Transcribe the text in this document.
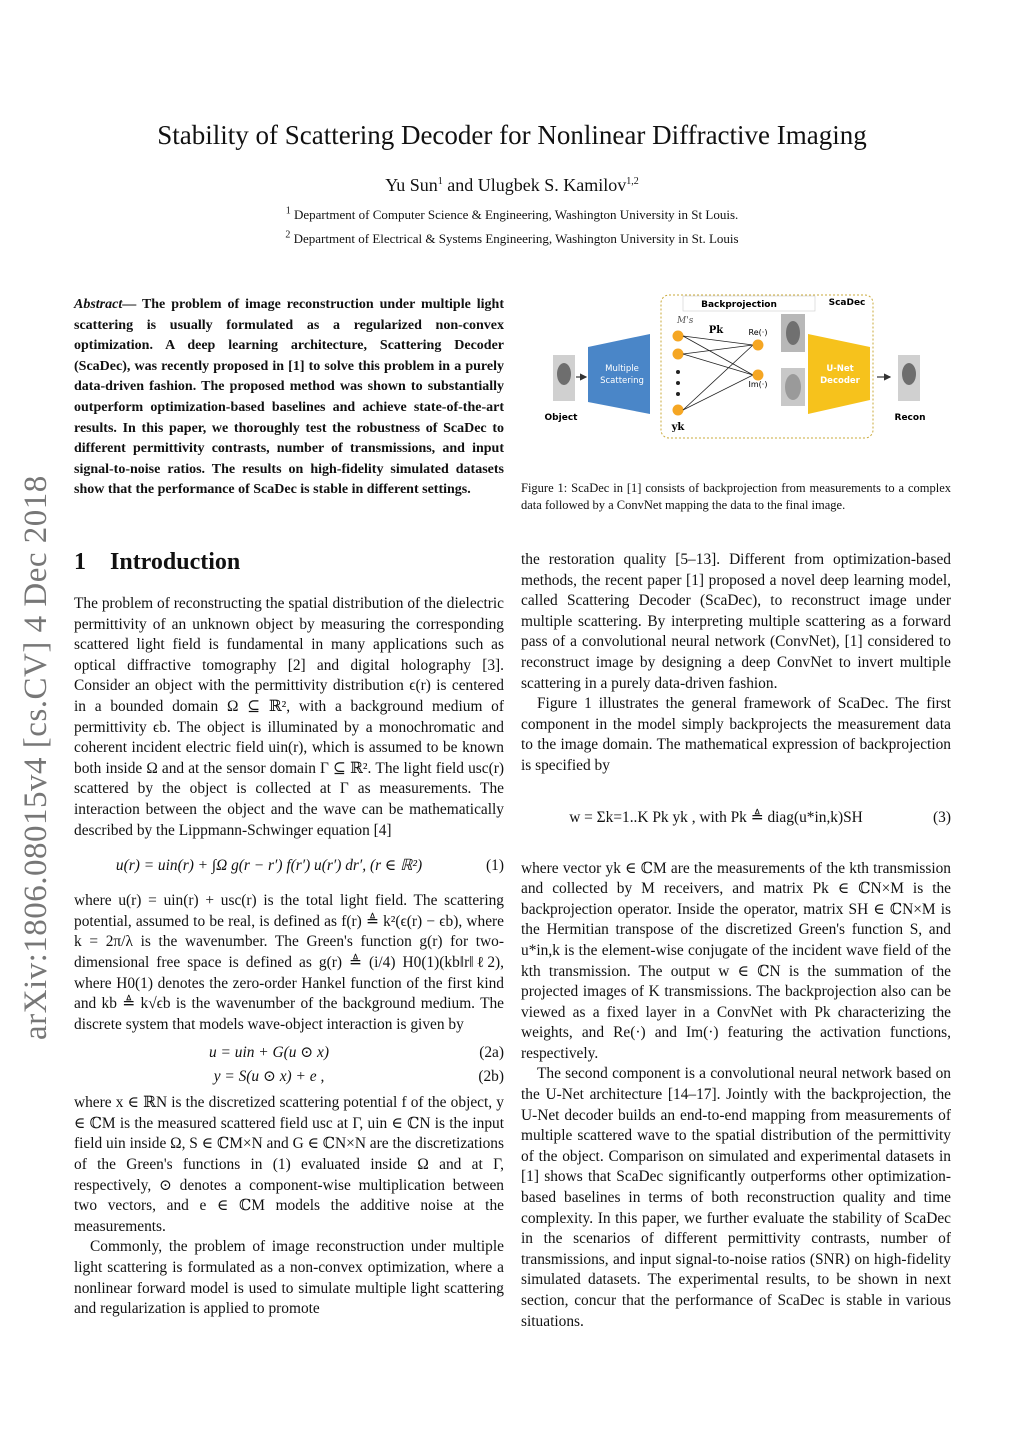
Stability of Scattering Decoder for Nonlinear Diffractive Imaging
Yu Sun$^1$ and Ulugbek S. Kamilov$^{1,2}$
$^1$ Department of Computer Science & Engineering, Washington University in St Louis.
$^2$ Department of Electrical & Systems Engineering, Washington University in St. Louis
arXiv:1806.08015v4 [cs.CV] 4 Dec 2018
Abstract— The problem of image reconstruction under multiple light scattering is usually formulated as a regularized non-convex optimization. A deep learning architecture, Scattering Decoder (ScaDec), was recently proposed in [1] to solve this problem in a purely data-driven fashion. The proposed method was shown to substantially outperform optimization-based baselines and achieve state-of-the-art results. In this paper, we thoroughly test the robustness of ScaDec to different permittivity contrasts, number of transmissions, and input signal-to-noise ratios. The results on high-fidelity simulated datasets show that the performance of ScaDec is stable in different settings.
ScaDec
Backprojection
Object
Multiple
Scattering
M's
yk
Pk	Re(·)
Im(·)
U-Net
Decoder
Recon
Figure 1: ScaDec in [1] consists of backprojection from measurements to a complex data followed by a ConvNet mapping the data to the final image.
1 Introduction

The problem of reconstructing the spatial distribution of the dielectric permittivity of an unknown object by measuring the corresponding scattered light field is fundamental in many applications such as optical diffractive tomography [2] and digital holography [3]. Consider an object with the permittivity distribution ϵ(r) is centered in a bounded domain Ω ⊆ ℝ², with a background medium of permittivity ϵb. The object is illuminated by a monochromatic and coherent incident electric field uin(r), which is assumed to be known both inside Ω and at the sensor domain Γ ⊆ ℝ². The light field usc(r) scattered by the object is collected at Γ as measurements. The interaction between the object and the wave can be mathematically described by the Lippmann-Schwinger equation [4]

u(r) = uin(r) + ∫Ω g(r − r′) f(r′) u(r′) dr′, (r ∈ ℝ²)	(1)

where u(r) = uin(r) + usc(r) is the total light field. The scattering potential, assumed to be real, is defined as f(r) ≜ k²(ϵ(r) − ϵb), where k = 2π/λ is the wavenumber. The Green's function g(r) for two-dimensional free space is defined as g(r) ≜ (i/4) H0(1)(kb‖r‖ℓ2), where H0(1) denotes the zero-order Hankel function of the first kind and kb ≜ k√ϵb is the wavenumber of the background medium. The discrete system that models wave-object interaction is given by

u = uin + G(u ⊙ x)	(2a)
y = S(u ⊙ x) + e ,	(2b)

where x ∈ ℝN is the discretized scattering potential f of the object, y ∈ ℂM is the measured scattered field usc at Γ, uin ∈ ℂN is the input field uin inside Ω, S ∈ ℂM×N and G ∈ ℂN×N are the discretizations of the Green's functions in (1) evaluated inside Ω and at Γ, respectively, ⊙ denotes a component-wise multiplication between two vectors, and e ∈ ℂM models the additive noise at the measurements.

Commonly, the problem of image reconstruction under multiple light scattering is formulated as a non-convex optimization, where a nonlinear forward model is used to simulate multiple light scattering and regularization is applied to promote

the restoration quality [5–13]. Different from optimization-based methods, the recent paper [1] proposed a novel deep learning model, called Scattering Decoder (ScaDec), to reconstruct image under multiple scattering. By interpreting multiple scattering as a forward pass of a convolutional neural network (ConvNet), [1] considered to reconstruct image by designing a deep ConvNet to invert multiple scattering in a purely data-driven fashion.

Figure 1 illustrates the general framework of ScaDec. The first component in the model simply backprojects the measurement data to the image domain. The mathematical expression of backprojection is specified by

w = Σk=1..K Pk yk , with Pk ≜ diag(u*in,k)SH	(3)

where vector yk ∈ ℂM are the measurements of the kth transmission and collected by M receivers, and matrix Pk ∈ ℂN×M is the backprojection operator. Inside the operator, matrix SH ∈ ℂN×M is the Hermitian transpose of the discretized Green's function S, and u*in,k is the element-wise conjugate of the incident wave field of the kth transmission. The output w ∈ ℂN is the summation of the projected images of K transmissions. The backprojection also can be viewed as a fixed layer in a ConvNet with Pk characterizing the weights, and Re(·) and Im(·) featuring the activation functions, respectively.

The second component is a convolutional neural network based on the U-Net architecture [14–17]. Jointly with the backprojection, the U-Net decoder builds an end-to-end mapping from measurements of multiple scattered wave to the spatial distribution of the permittivity of the object. Comparison on simulated and experimental datasets in [1] shows that ScaDec significantly outperforms other optimization-based baselines in terms of both reconstruction quality and time complexity. In this paper, we further evaluate the stability of ScaDec in the scenarios of different permittivity contrasts, number of transmissions, and input signal-to-noise ratios (SNR) on high-fidelity simulated datasets. The experimental results, to be shown in next section, concur that the performance of ScaDec is stable in various situations.
